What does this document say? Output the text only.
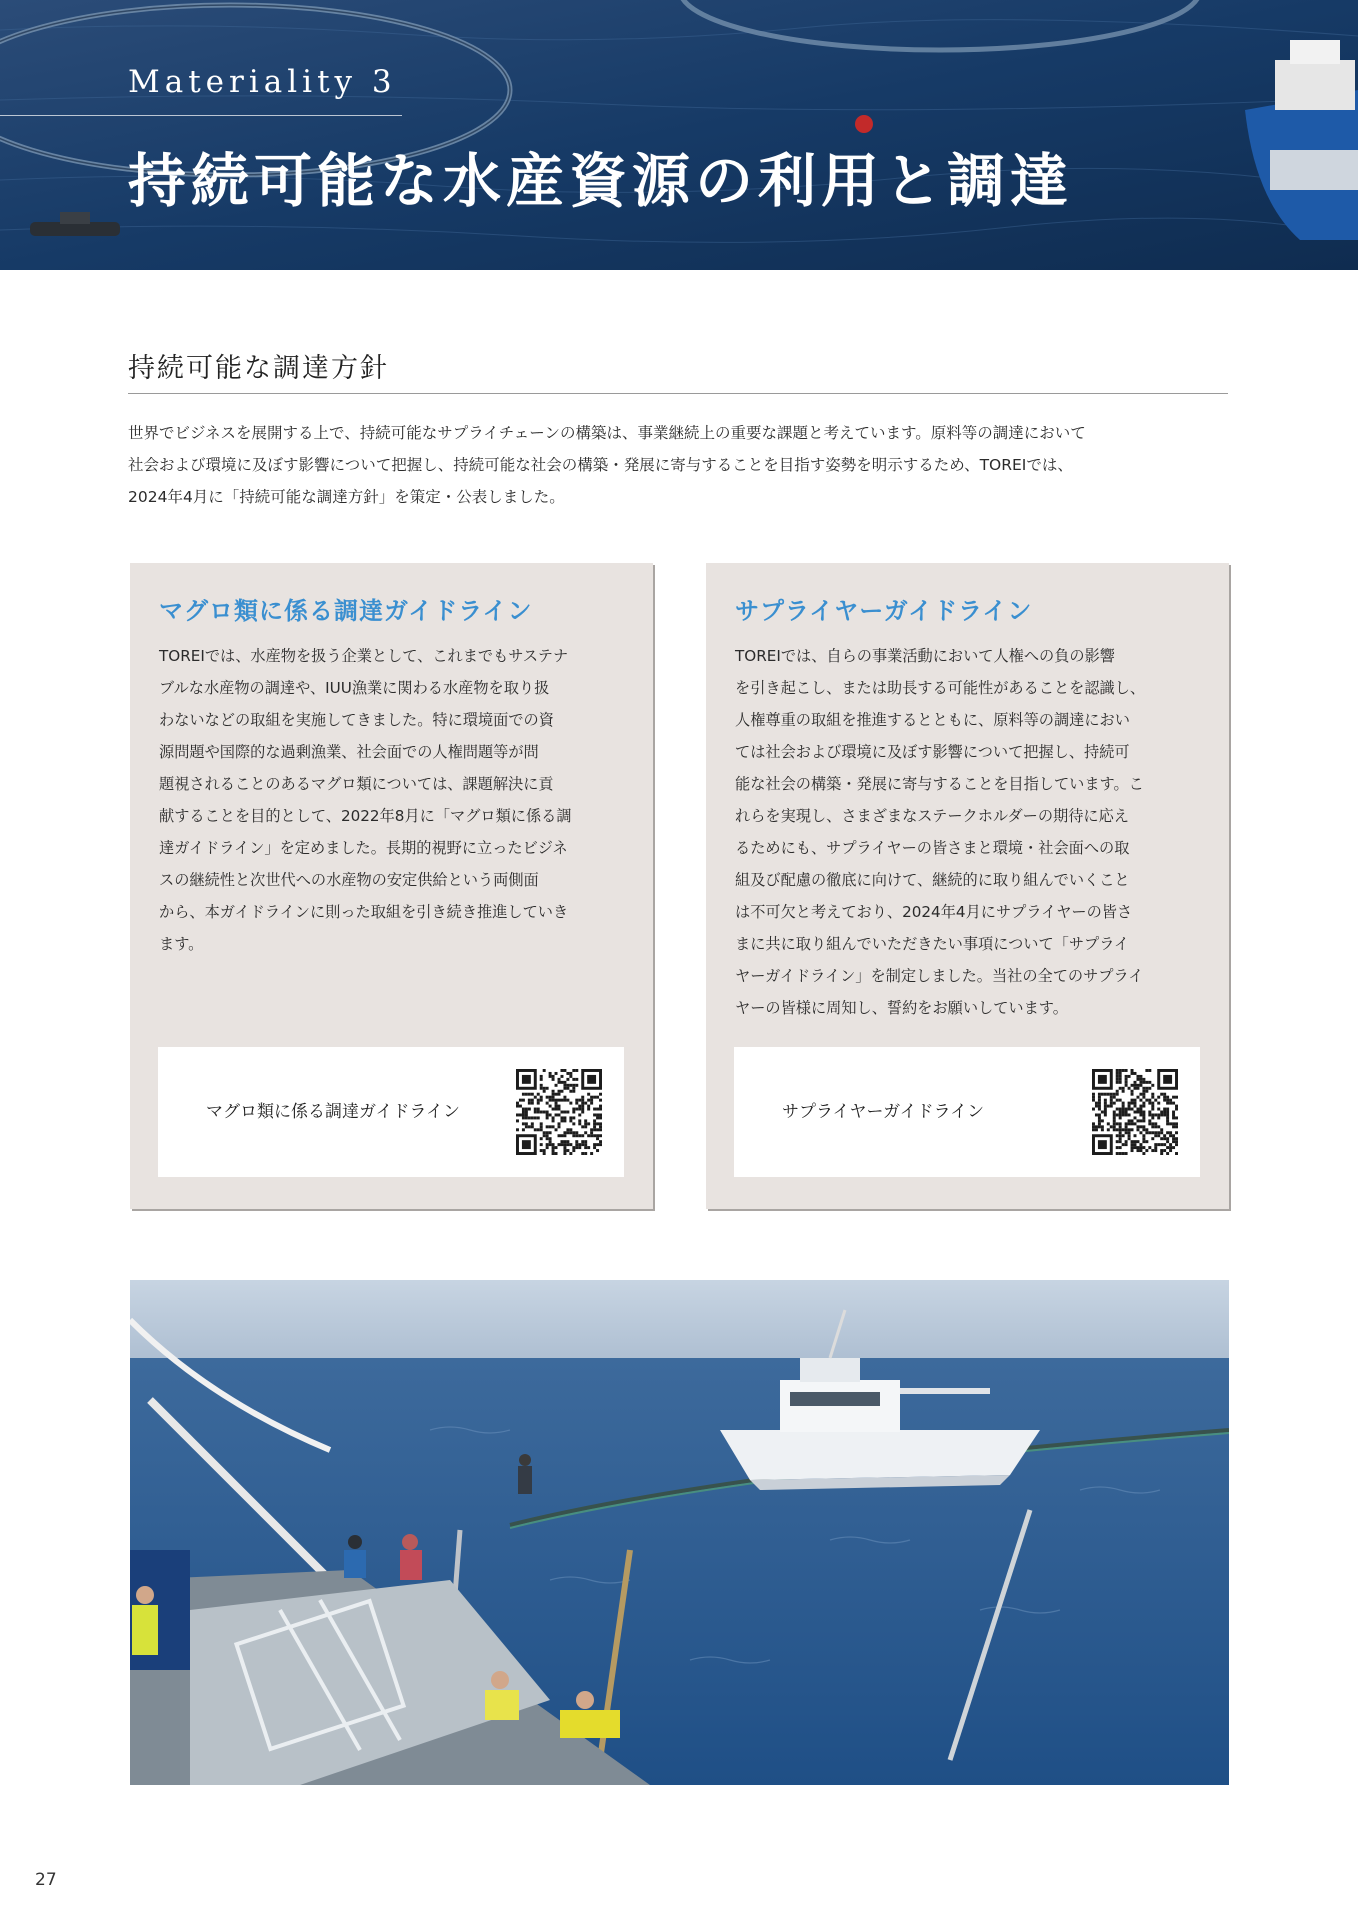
Materiality 3
持続可能な水産資源の利用と調達
持続可能な調達方針

世界でビジネスを展開する上で、持続可能なサプライチェーンの構築は、事業継続上の重要な課題と考えています。原料等の調達において
社会および環境に及ぼす影響について把握し、持続可能な社会の構築・発展に寄与することを目指す姿勢を明示するため、TOREIでは、
2024年4月に「持続可能な調達方針」を策定・公表しました。

マグロ類に係る調達ガイドライン

TOREIでは、水産物を扱う企業として、これまでもサステナ
ブルな水産物の調達や、IUU漁業に関わる水産物を取り扱
わないなどの取組を実施してきました。特に環境面での資
源問題や国際的な過剰漁業、社会面での人権問題等が問
題視されることのあるマグロ類については、課題解決に貢
献することを目的として、2022年8月に「マグロ類に係る調
達ガイドライン」を定めました。長期的視野に立ったビジネ
スの継続性と次世代への水産物の安定供給という両側面
から、本ガイドラインに則った取組を引き続き推進していき
ます。

マグロ類に係る調達ガイドライン
サプライヤーガイドライン

TOREIでは、自らの事業活動において人権への負の影響
を引き起こし、または助長する可能性があることを認識し、
人権尊重の取組を推進するとともに、原料等の調達におい
ては社会および環境に及ぼす影響について把握し、持続可
能な社会の構築・発展に寄与することを目指しています。こ
れらを実現し、さまざまなステークホルダーの期待に応え
るためにも、サプライヤーの皆さまと環境・社会面への取
組及び配慮の徹底に向けて、継続的に取り組んでいくこと
は不可欠と考えており、2024年4月にサプライヤーの皆さ
まに共に取り組んでいただきたい事項について「サプライ
ヤーガイドライン」を制定しました。当社の全てのサプライ
ヤーの皆様に周知し、誓約をお願いしています。

サプライヤーガイドライン
27
